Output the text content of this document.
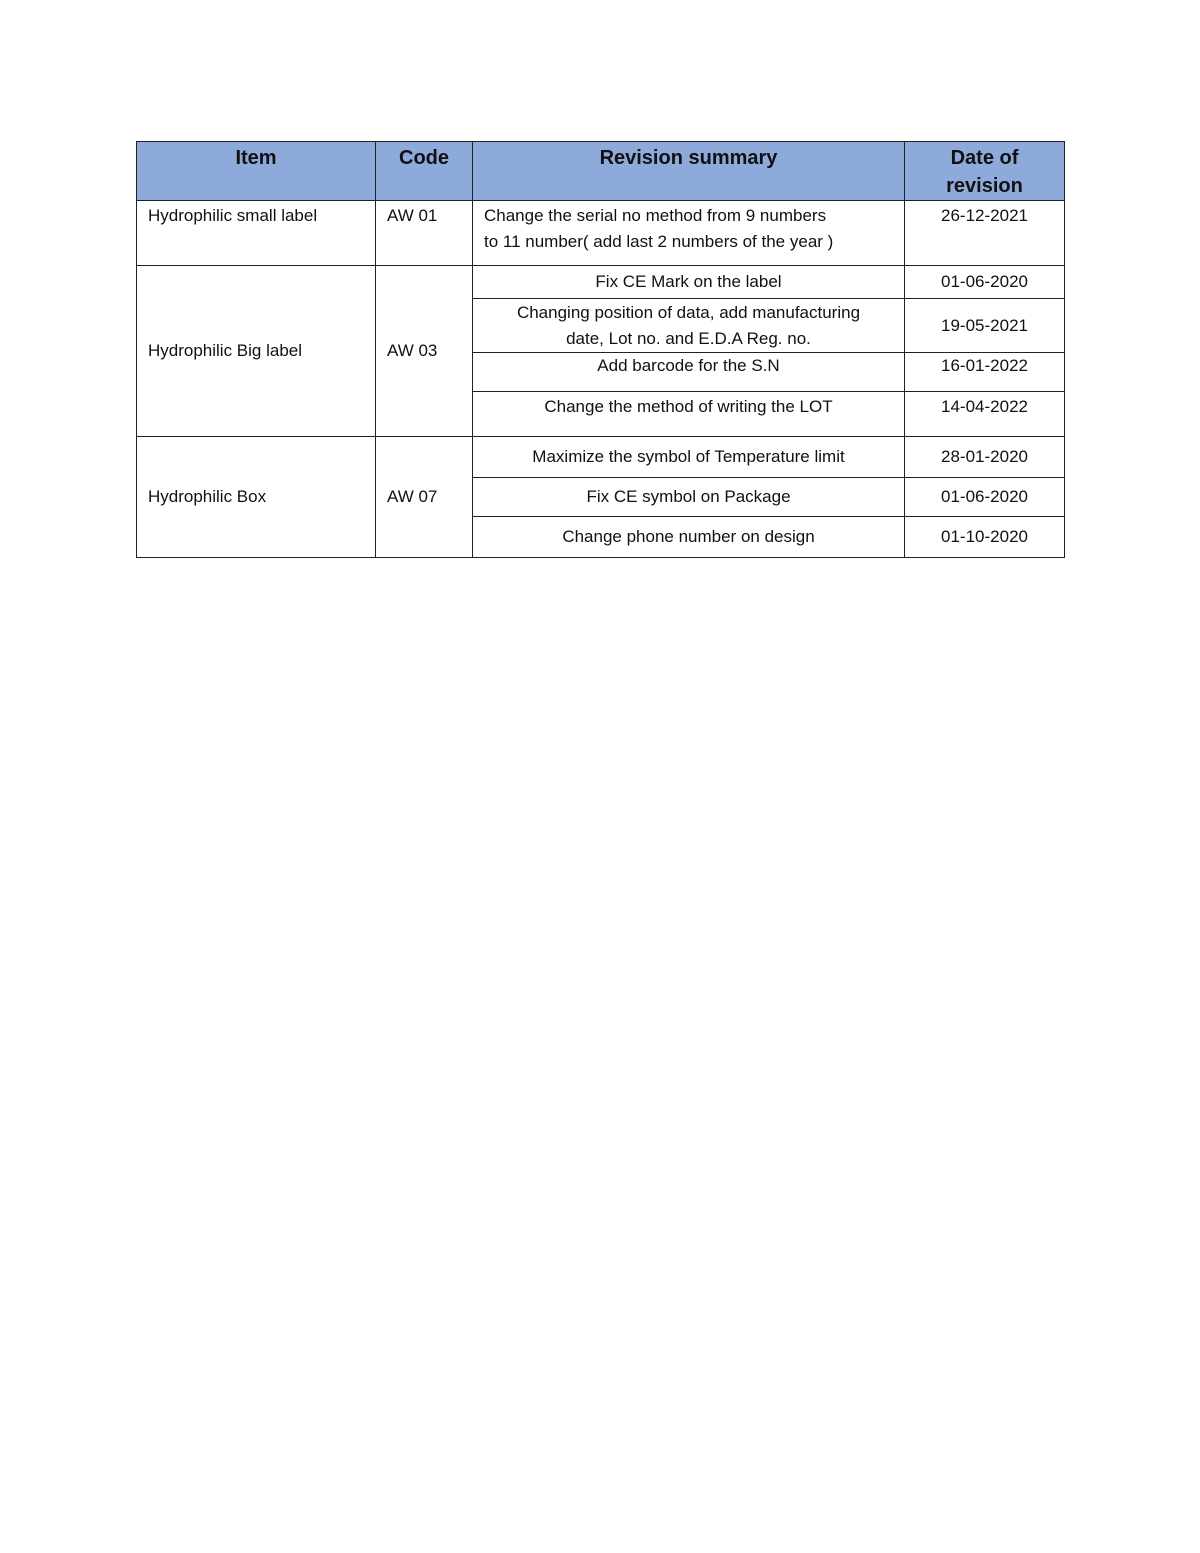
Item	Code	Revision summary	Date of
revision
Hydrophilic small label	AW 01	Change the serial no method from 9 numbers
to 11 number( add last 2 numbers of the year )	26-12-2021
Hydrophilic Big label	AW 03	Fix CE Mark on the label	01-06-2020
		Changing position of data, add manufacturing
date, Lot no. and E.D.A Reg. no.	19-05-2021
		Add barcode for the S.N	16-01-2022
		Change the method of writing the LOT	14-04-2022
Hydrophilic Box	AW 07	Maximize the symbol of Temperature limit	28-01-2020
		Fix CE symbol on Package	01-06-2020
		Change phone number on design	01-10-2020
